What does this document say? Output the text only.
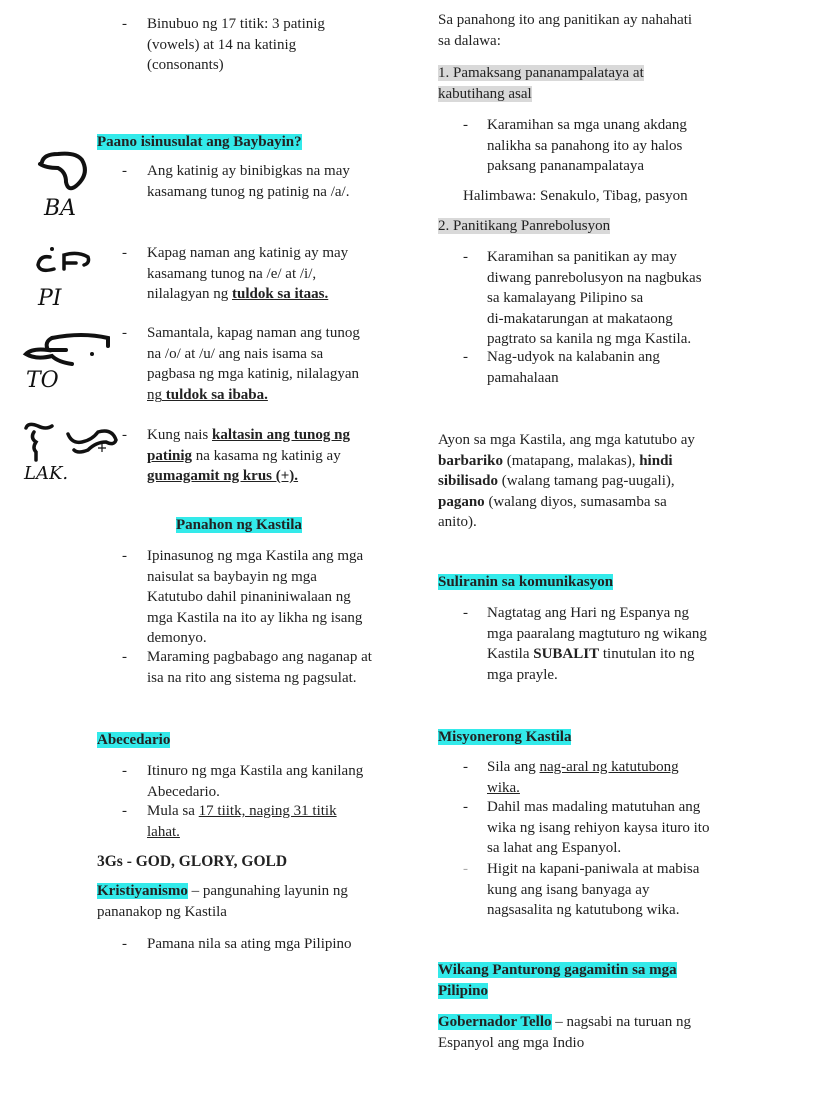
- Binubuo ng 17 titik: 3 patinig
(vowels) at 14 na katinig
(consonants)
Paano isinusulat ang Baybayin?
BA
- Ang katinig ay binibigkas na may
kasamang tunog ng patinig na /a/.
PI
- Kapag naman ang katinig ay may
kasamang tunog na /e/ at /i/,
nilalagyan ng tuldok sa itaas.
TO
- Samantala, kapag naman ang tunog
na /o/ at /u/ ang nais isama sa
pagbasa ng mga katinig, nilalagyan
ng tuldok sa ibaba.
LAK.
- Kung nais kaltasin ang tunog ng
patinig na kasama ng katinig ay
gumagamit ng krus (+).
Panahon ng Kastila
- Ipinasunog ng mga Kastila ang mga
naisulat sa baybayin ng mga
Katutubo dahil pinaniniwalaan ng
mga Kastila na ito ay likha ng isang
demonyo.
- Maraming pagbabago ang naganap at
isa na rito ang sistema ng pagsulat.
Abecedario
- Itinuro ng mga Kastila ang kanilang
Abecedario.
- Mula sa 17 tiitk, naging 31 titik
lahat.
3Gs - GOD, GLORY, GOLD
Kristiyanismo – pangunahing layunin ng
pananakop ng Kastila
- Pamana nila sa ating mga Pilipino
Sa panahong ito ang panitikan ay nahahati
sa dalawa:
1. Pamaksang pananampalataya at
kabutihang asal
- Karamihan sa mga unang akdang
nalikha sa panahong ito ay halos
paksang pananampalataya
Halimbawa: Senakulo, Tibag, pasyon
2. Panitikang Panrebolusyon
- Karamihan sa panitikan ay may
diwang panrebolusyon na nagbukas
sa kamalayang Pilipino sa
di-makatarungan at makataong
pagtrato sa kanila ng mga Kastila.
- Nag-udyok na kalabanin ang
pamahalaan
Ayon sa mga Kastila, ang mga katutubo ay
barbariko (matapang, malakas), hindi
sibilisado (walang tamang pag-uugali),
pagano (walang diyos, sumasamba sa
anito).
Suliranin sa komunikasyon
- Nagtatag ang Hari ng Espanya ng
mga paaralang magtuturo ng wikang
Kastila SUBALIT tinutulan ito ng
mga prayle.
Misyonerong Kastila
- Sila ang nag-aral ng katutubong
wika.
- Dahil mas madaling matutuhan ang
wika ng isang rehiyon kaysa ituro ito
sa lahat ang Espanyol.
- Higit na kapani-paniwala at mabisa
kung ang isang banyaga ay
nagsasalita ng katutubong wika.
Wikang Panturong gagamitin sa mga
Pilipino
Gobernador Tello – nagsabi na turuan ng
Espanyol ang mga Indio
